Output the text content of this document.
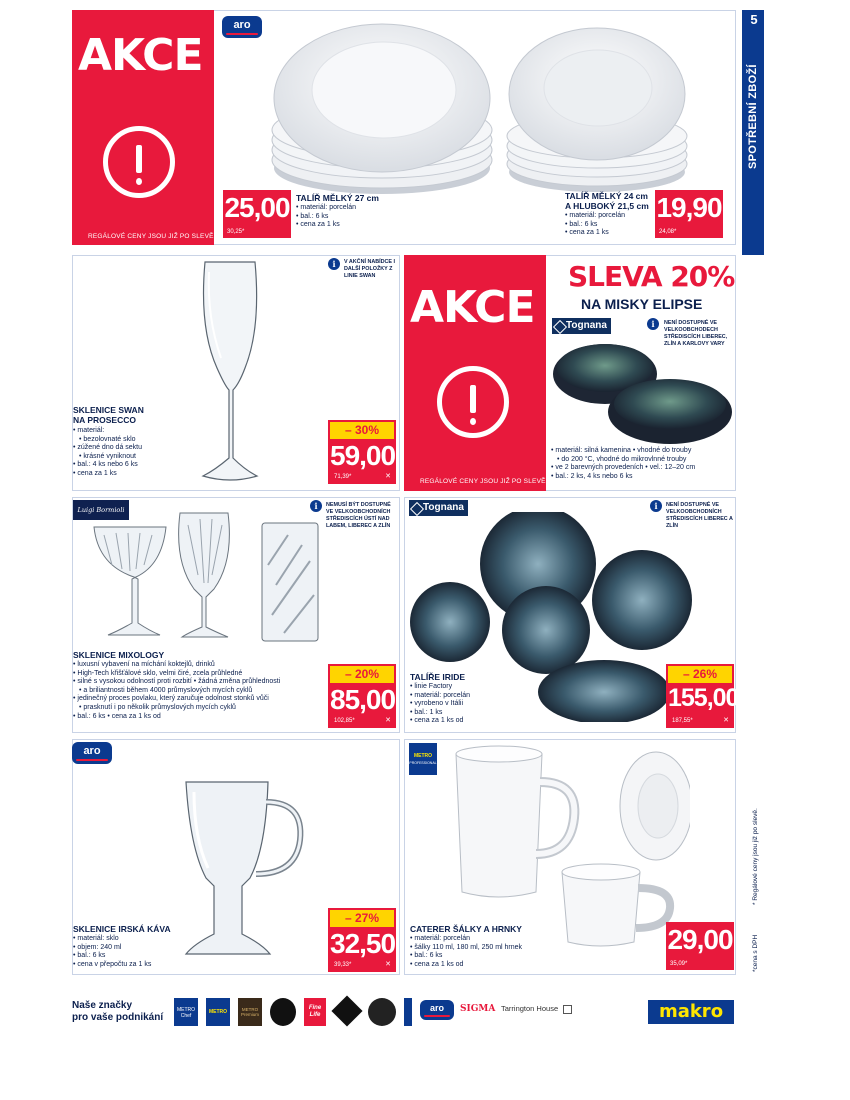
5
AKCE
REGÁLOVÉ CENY JSOU JIŽ PO SLEVĚ.
aro
25,00
30,25*
TALÍŘ MĚLKÝ 27 cm
• materiál: porcelán
• bal.: 6 ks
• cena za 1 ks
TALÍŘ MĚLKÝ 24 cm
A HLUBOKÝ 21,5 cm
• materiál: porcelán
• bal.: 6 ks
• cena za 1 ks
19,90
24,08*
i	V AKČNÍ NABÍDCE I DALŠÍ POLOŽKY Z LINIE SWAN
SKLENICE SWAN
NA PROSECCO
• materiál:
• bezolovnaté sklo
• zúžené dno dá sektu
• krásné vyniknout
• bal.: 4 ks nebo 6 ks
• cena za 1 ks
– 30%
59,00
71,39*	✕
AKCE
REGÁLOVÉ CENY JSOU JIŽ PO SLEVĚ.
SLEVA 20%
NA MISKY ELIPSE
Tognana	i	NENÍ DOSTUPNÉ VE VELKOOBCHODECH STŘEDISCÍCH LIBEREC, ZLÍN A KARLOVY VARY
• materiál: silná kamenina • vhodné do trouby
• do 200 °C, vhodné do mikrovlnné trouby
• ve 2 barevných provedeních • vel.: 12–20 cm
• bal.: 2 ks, 4 ks nebo 6 ks
Luigi Bormioli	i	NEMUSÍ BÝT DOSTUPNÉ VE VELKOOBCHODNÍCH STŘEDISCÍCH ÚSTÍ NAD LABEM, LIBEREC A ZLÍN
SKLENICE MIXOLOGY
• luxusní vybavení na míchání koktejlů, drinků
• High-Tech křišťálové sklo, velmi čiré, zcela průhledné
• silné s vysokou odolností proti rozbití • žádná změna průhlednosti
• a briliantnosti během 4000 průmyslových mycích cyklů
• jedinečný proces povlaku, který zaručuje odolnost stonků vůči
• prasknutí i po několik průmyslových mycích cyklů
• bal.: 6 ks • cena za 1 ks od
– 20%
85,00
102,85*	✕
Tognana	i	NENÍ DOSTUPNÉ VE VELKOOBCHODNÍCH STŘEDISCÍCH LIBEREC A ZLÍN
TALÍŘE IRIDE
• linie Factory
• materiál: porcelán
• vyrobeno v Itálii
• bal.: 1 ks
• cena za 1 ks od
– 26%
155,00
187,55*	✕
aro
SKLENICE IRSKÁ KÁVA
• materiál: sklo
• objem: 240 ml
• bal.: 6 ks
• cena v přepočtu za 1 ks
– 27%
32,50
39,33*	✕
METRO
PROFESSIONAL
CATERER ŠÁLKY A HRNKY
• materiál: porcelán
• šálky 110 ml, 180 ml, 250 ml hrnek
• bal.: 6 ks
• cena za 1 ks od
29,00
35,09*
* Regálové ceny jsou již po slevě.
*cena s DPH
Naše značky
pro vaše podnikání
METRO Chef
METRO	METRO Premium
Fine Life
aro	SIGMA Tarrington House	makro
